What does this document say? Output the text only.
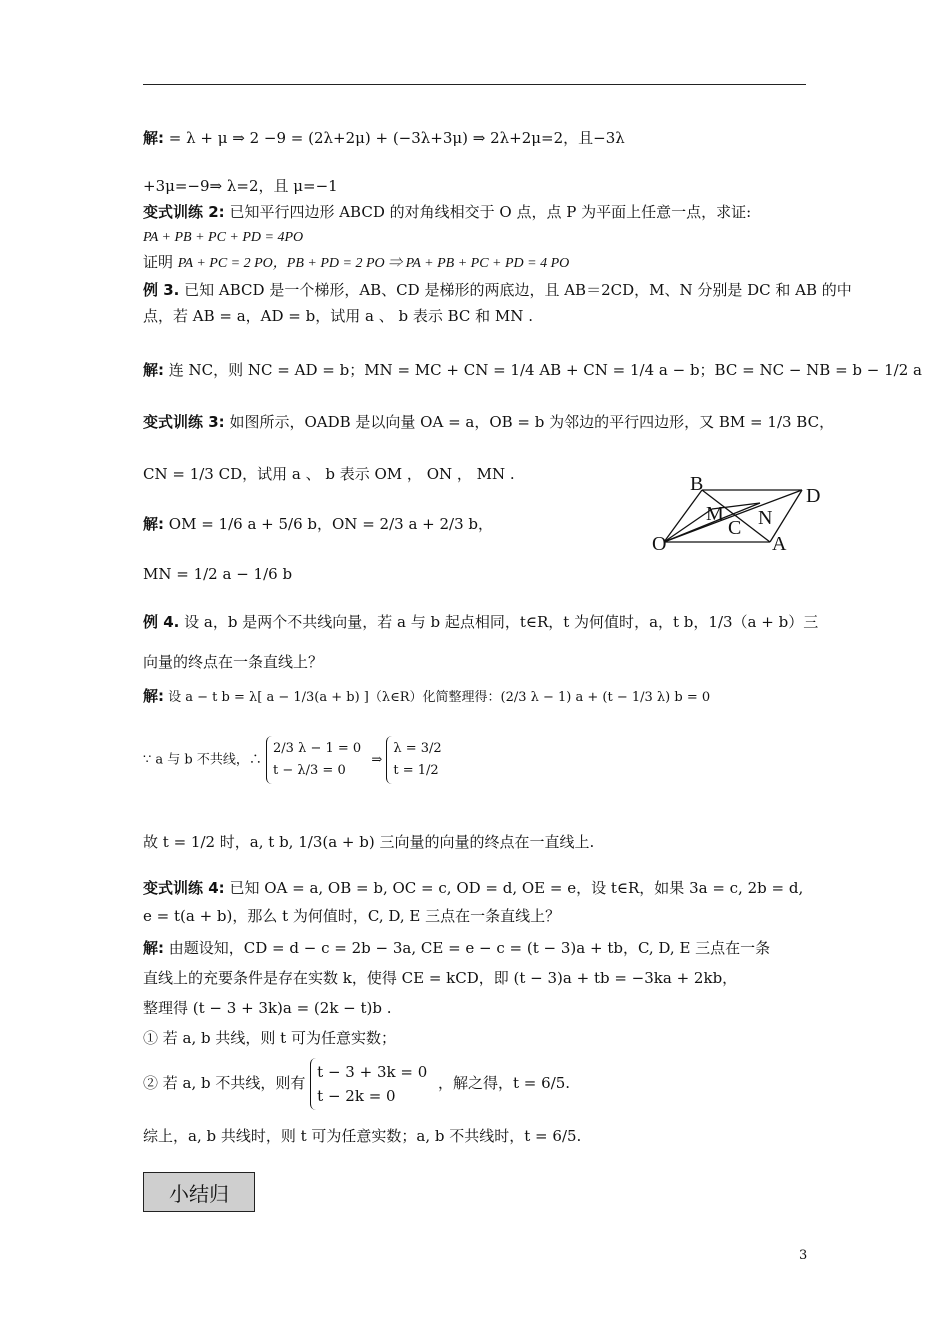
解: = λ + μ ⇒ 2 −9 = (2λ+2μ) + (−3λ+3μ) ⇒ 2λ+2μ=2，且−3λ
+3μ=−9⇒ λ=2，且 μ=−1
变式训练 2: 已知平行四边形 ABCD 的对角线相交于 O 点，点 P 为平面上任意一点，求证:
PA + PB + PC + PD = 4PO
证明 PA + PC = 2 PO，PB + PD = 2 PO ⇒ PA + PB + PC + PD = 4 PO
例 3. 已知 ABCD 是一个梯形，AB、CD 是梯形的两底边，且 AB＝2CD，M、N 分别是 DC 和 AB 的中
点，若 AB = a，AD = b，试用 a 、 b 表示 BC 和 MN .
解: 连 NC，则 NC = AD = b；MN = MC + CN = 1/4 AB + CN = 1/4 a − b；BC = NC − NB = b − 1/2 a
变式训练 3: 如图所示，OADB 是以向量 OA = a，OB = b 为邻边的平行四边形，又 BM = 1/3 BC，
CN = 1/3 CD，试用 a 、 b 表示 OM ， ON ， MN .
解: OM = 1/6 a + 5/6 b，ON = 2/3 a + 2/3 b，
MN = 1/2 a − 1/6 b
B
D
M N
C
O	A
例 4. 设 a，b 是两个不共线向量，若 a 与 b 起点相同，t∈R，t 为何值时，a，t b，1/3（a + b）三
向量的终点在一条直线上？
解: 设 a − t b = λ[ a − 1/3(a + b) ]（λ∈R）化简整理得：(2/3 λ − 1) a + (t − 1/3 λ) b = 0
∵ a 与 b 不共线，∴
2/3 λ − 1 = 0
t − λ/3 = 0
⇒
λ = 3/2
t = 1/2
故 t = 1/2 时，a, t b, 1/3(a + b) 三向量的向量的终点在一直线上.
变式训练 4: 已知 OA = a, OB = b, OC = c, OD = d, OE = e，设 t∈R，如果 3a = c, 2b = d,
e = t(a + b)，那么 t 为何值时，C, D, E 三点在一条直线上？
解: 由题设知，CD = d − c = 2b − 3a, CE = e − c = (t − 3)a + tb，C, D, E 三点在一条
直线上的充要条件是存在实数 k，使得 CE = kCD，即 (t − 3)a + tb = −3ka + 2kb，
整理得 (t − 3 + 3k)a = (2k − t)b .
① 若 a, b 共线，则 t 可为任意实数；
② 若 a, b 不共线，则有
t − 3 + 3k = 0
t − 2k = 0
，解之得，t = 6/5.
综上，a, b 共线时，则 t 可为任意实数；a, b 不共线时，t = 6/5.
小结归
3
